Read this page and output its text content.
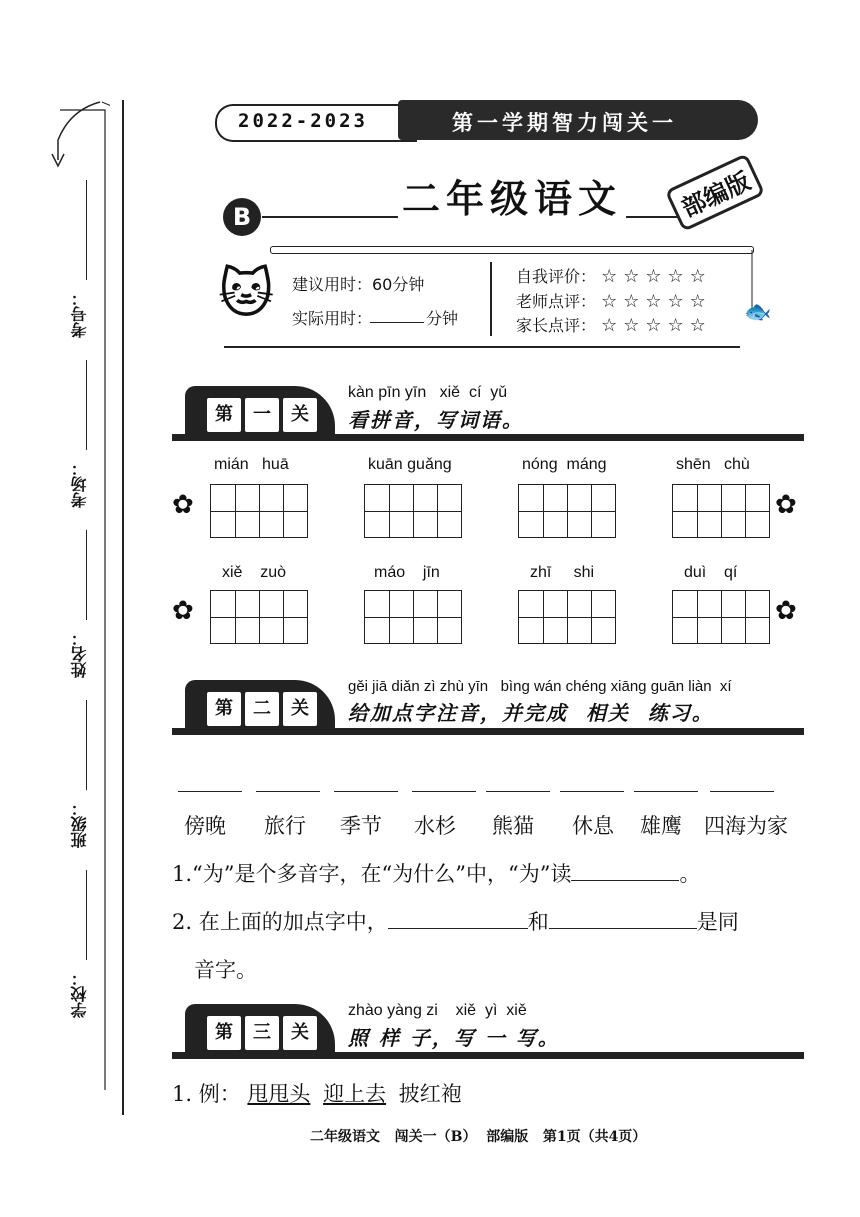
考号：
考场：
姓名：
班级：
学校：
2022-2023	第一学期智力闯关一
B	二年级语文	部编版
🐟
🐱 建议用时：60分钟
实际用时：	分钟
自我评价： ☆☆☆☆☆
老师点评： ☆☆☆☆☆
家长点评： ☆☆☆☆☆
第	一	关
kàn pīn yīn   xiě  cí  yǔ
看拼音，写词语。
mián   huā	kuān guǎng	nóng  máng	shēn   chù
✿	✿
xiě    zuò	máo    jīn	zhī     shi	duì    qí
✿	✿
第	二	关
gěi jiā diǎn zì zhù yīn   bìng wán chéng xiāng guān liàn  xí
给加点字注音，并完成  相关  练习。
傍晚 旅行 季节 水杉 熊猫 休息 雄鹰 四海为家
1.“为”是个多音字，在“为什么”中，“为”读	。
2. 在上面的加点字中，	和	是同
音字。
第	三	关
zhào yàng zi    xiě  yì  xiě
照 样 子，写 一 写。
1. 例： 甩甩头 迎上去 披红袍
二年级语文   闯关一（B）  部编版   第1页（共4页）
